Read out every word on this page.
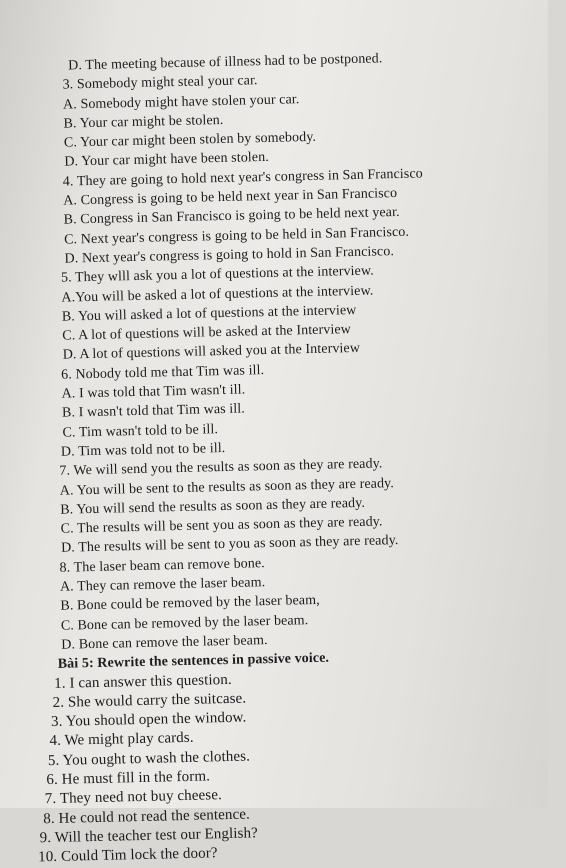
D. The meeting because of illness had to be postponed.
3. Somebody might steal your car.
A. Somebody might have stolen your car.
B. Your car might be stolen.
C. Your car might been stolen by somebody.
D. Your car might have been stolen.
4. They are going to hold next year's congress in San Francisco
A. Congress is going to be held next year in San Francisco
B. Congress in San Francisco is going to be held next year.
C. Next year's congress is going to be held in San Francisco.
D. Next year's congress is going to hold in San Francisco.
5. They wlll ask you a lot of questions at the interview.
A.You will be asked a lot of questions at the interview.
B. You will asked a lot of questions at the interview
C. A lot of questions will be asked at the Interview
D. A lot of questions will asked you at the Interview
6. Nobody told me that Tim was ill.
A. I was told that Tim wasn't ill.
B. I wasn't told that Tim was ill.
C. Tim wasn't told to be ill.
D. Tim was told not to be ill.
7. We will send you the results as soon as they are ready.
A. You will be sent to the results as soon as they are ready.
B. You will send the results as soon as they are ready.
C. The results will be sent you as soon as they are ready.
D. The results will be sent to you as soon as they are ready.
8. The laser beam can remove bone.
A. They can remove the laser beam.
B. Bone could be removed by the laser beam,
C. Bone can be removed by the laser beam.
D. Bone can remove the laser beam.
Bài 5: Rewrite the sentences in passive voice.
1. I can answer this question.
2. She would carry the suitcase.
3. You should open the window.
4. We might play cards.
5. You ought to wash the clothes.
6. He must fill in the form.
7. They need not buy cheese.
8. He could not read the sentence.
9. Will the teacher test our English?
10. Could Tim lock the door?
